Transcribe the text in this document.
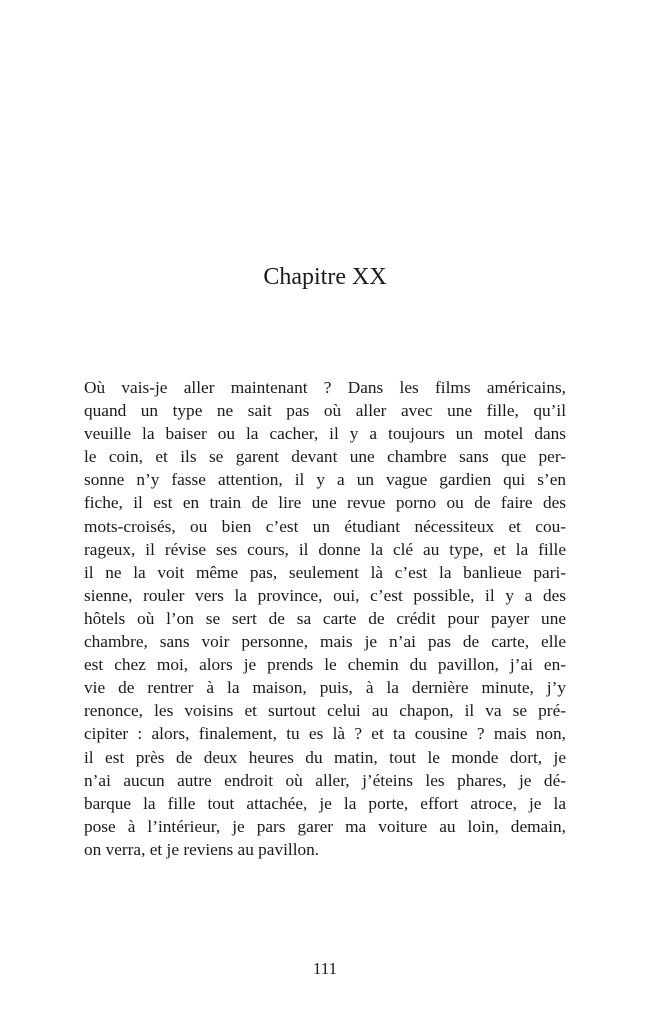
Chapitre XX
Où vais-je aller maintenant ? Dans les films américains,
quand un type ne sait pas où aller avec une fille, qu’il
veuille la baiser ou la cacher, il y a toujours un motel dans
le coin, et ils se garent devant une chambre sans que per-
sonne n’y fasse attention, il y a un vague gardien qui s’en
fiche, il est en train de lire une revue porno ou de faire des
mots-croisés, ou bien c’est un étudiant nécessiteux et cou-
rageux, il révise ses cours, il donne la clé au type, et la fille
il ne la voit même pas, seulement là c’est la banlieue pari-
sienne, rouler vers la province, oui, c’est possible, il y a des
hôtels où l’on se sert de sa carte de crédit pour payer une
chambre, sans voir personne, mais je n’ai pas de carte, elle
est chez moi, alors je prends le chemin du pavillon, j’ai en-
vie de rentrer à la maison, puis, à la dernière minute, j’y
renonce, les voisins et surtout celui au chapon, il va se pré-
cipiter : alors, finalement, tu es là ? et ta cousine ? mais non,
il est près de deux heures du matin, tout le monde dort, je
n’ai aucun autre endroit où aller, j’éteins les phares, je dé-
barque la fille tout attachée, je la porte, effort atroce, je la
pose à l’intérieur, je pars garer ma voiture au loin, demain,
on verra, et je reviens au pavillon.
111
